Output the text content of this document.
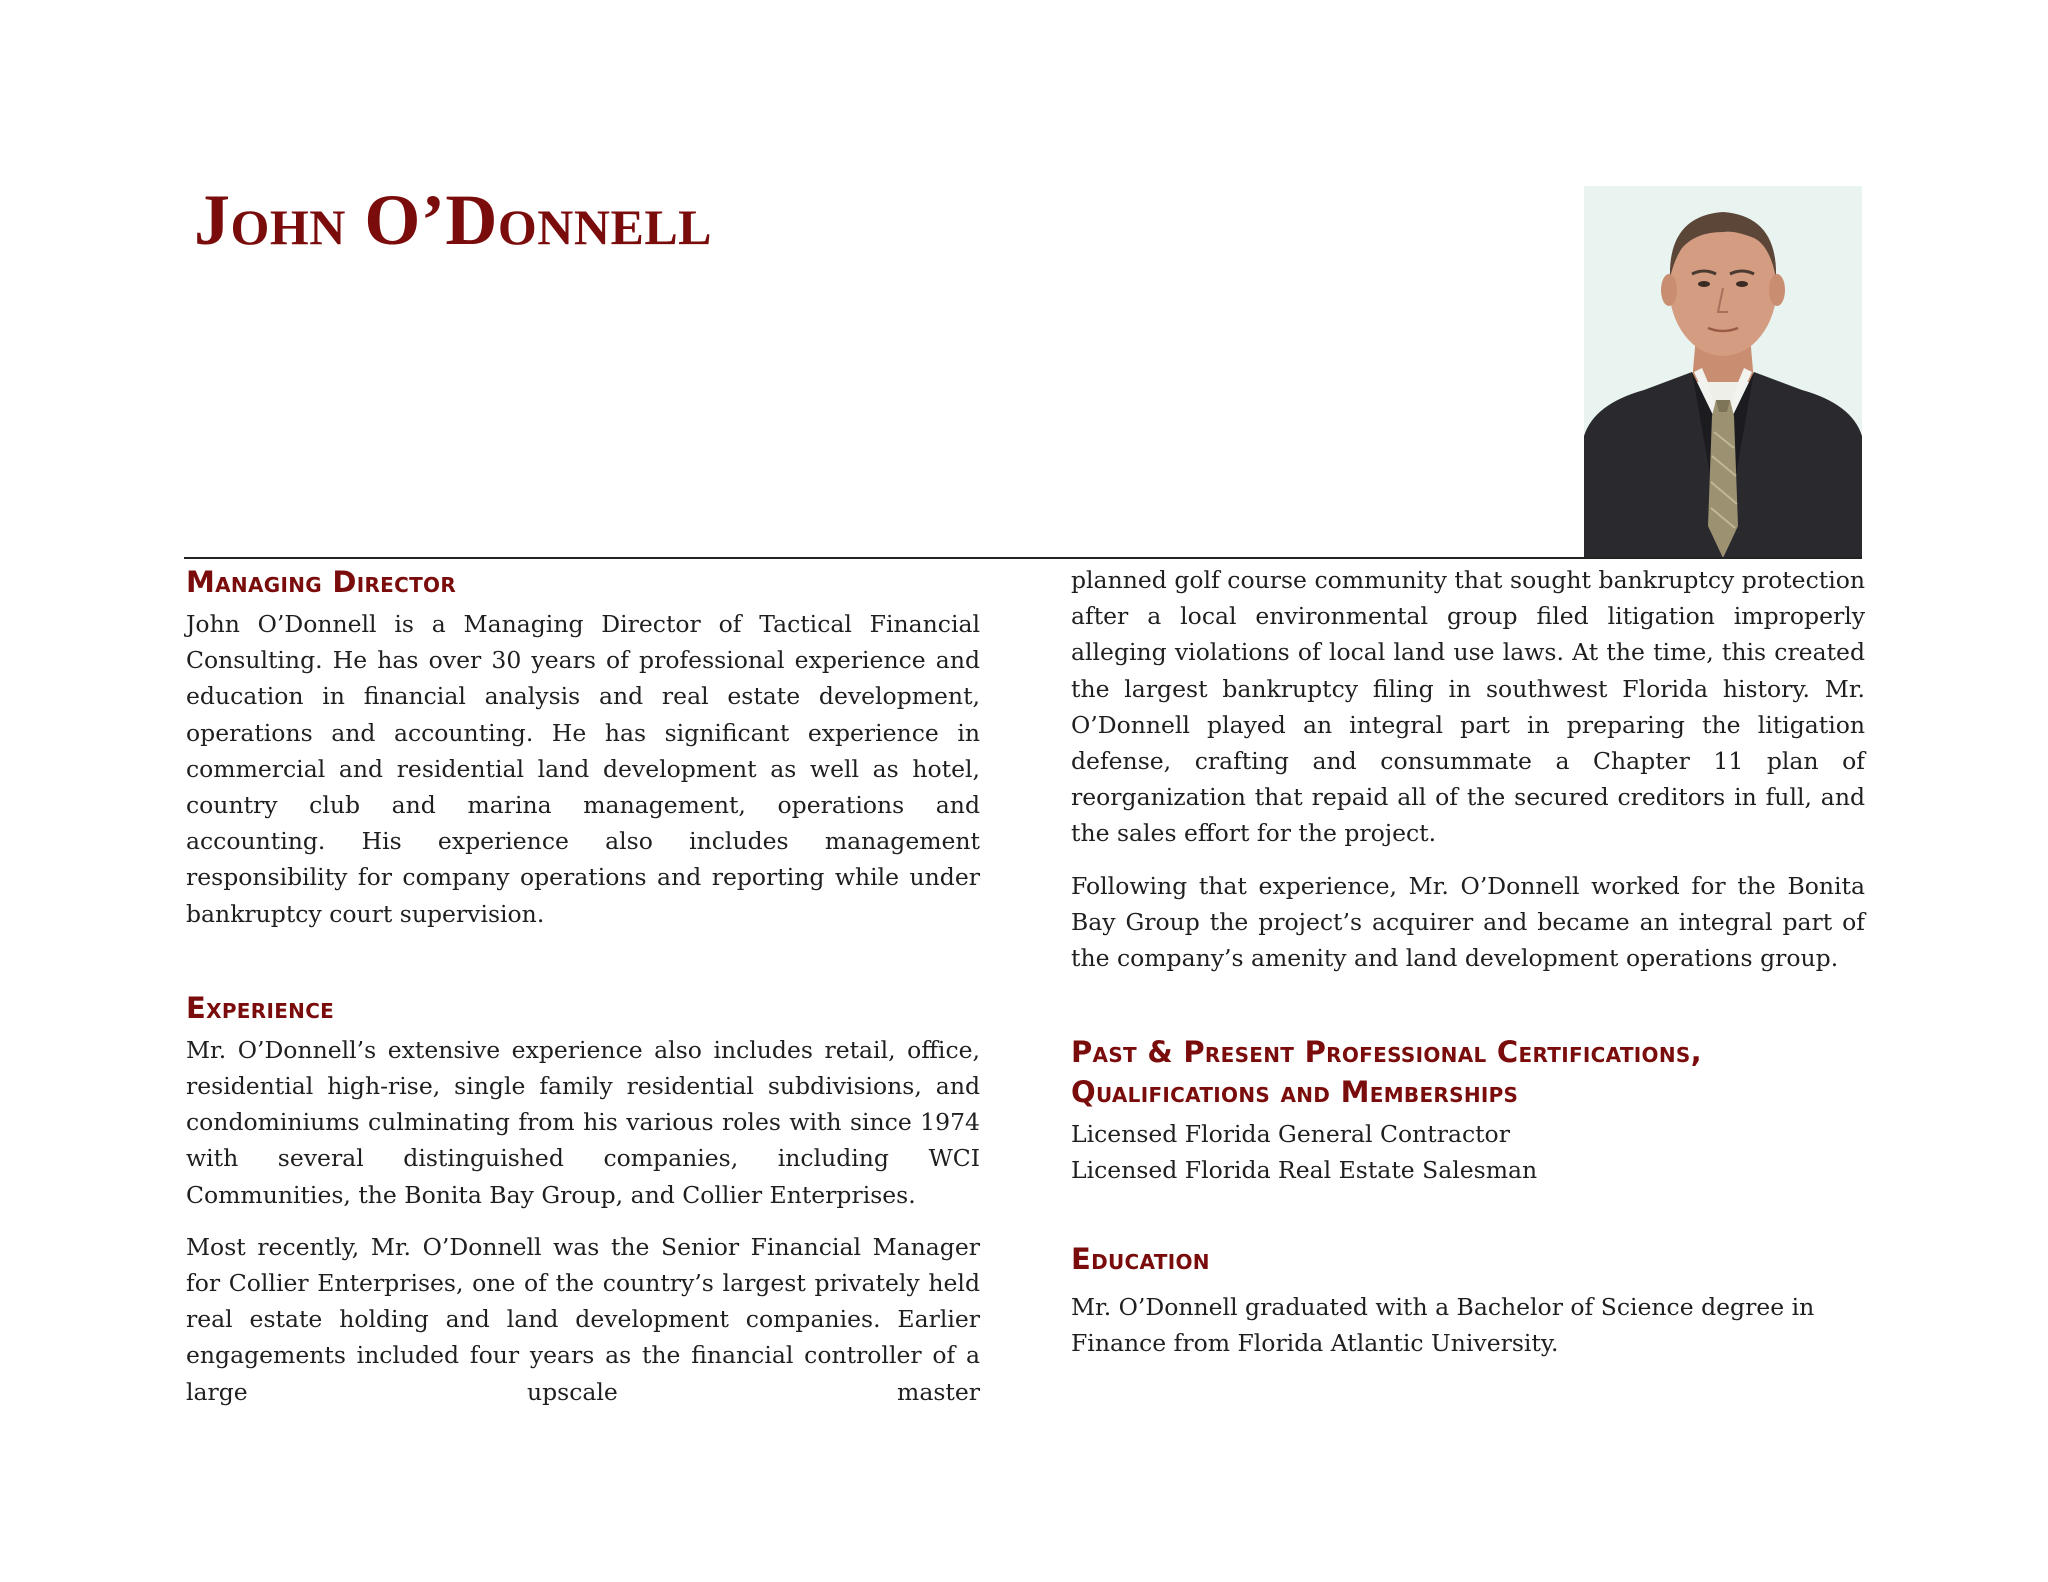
John O’Donnell
Managing Director

John O’Donnell is a Managing Director of Tactical Financial Consulting. He has over 30 years of professional experience and education in financial analysis and real estate development, operations and accounting. He has significant experience in commercial and residential land development as well as hotel, country club and marina management, operations and accounting. His experience also includes management responsibility for company operations and reporting while under bankruptcy court supervision.

Experience

Mr. O’Donnell’s extensive experience also includes retail, office, residential high-rise, single family residential subdivisions, and condominiums culminating from his various roles with since 1974 with several distinguished companies, including WCI Communities, the Bonita Bay Group, and Collier Enterprises.

Most recently, Mr. O’Donnell was the Senior Financial Manager for Collier Enterprises, one of the country’s largest privately held real estate holding and land development companies. Earlier engagements included four years as the financial controller of a large upscale master

planned golf course community that sought bankruptcy protection after a local environmental group filed litigation improperly alleging violations of local land use laws. At the time, this created the largest bankruptcy filing in southwest Florida history. Mr. O’Donnell played an integral part in preparing the litigation defense, crafting and consummate a Chapter 11 plan of reorganization that repaid all of the secured creditors in full, and the sales effort for the project.

Following that experience, Mr. O’Donnell worked for the Bonita Bay Group the project’s acquirer and became an integral part of the company’s amenity and land development operations group.

Past & Present Professional Certifications,
Qualifications and Memberships
Licensed Florida General Contractor
Licensed Florida Real Estate Salesman
Education

Mr. O’Donnell graduated with a Bachelor of Science degree in Finance from Florida Atlantic University.
